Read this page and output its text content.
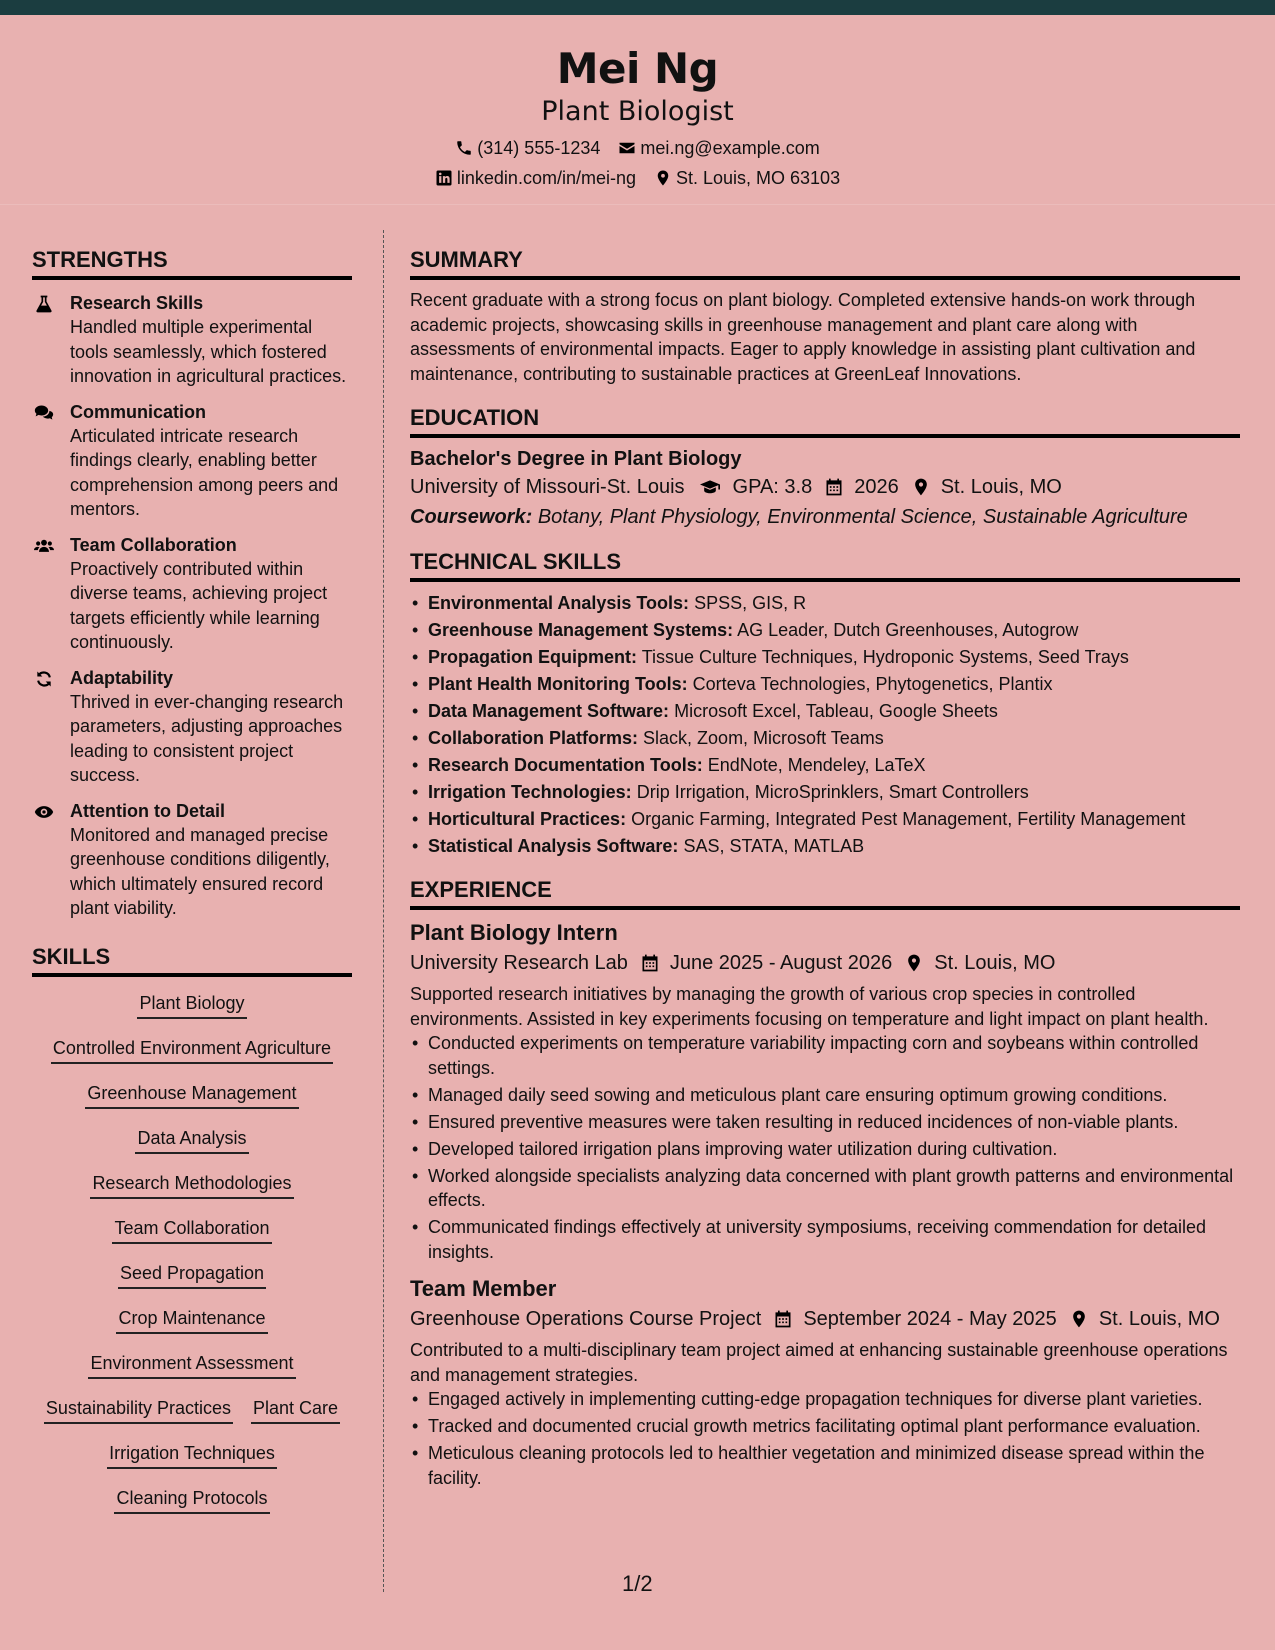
Mei Ng
Plant Biologist
(314) 555-1234 mei.ng@example.com
linkedin.com/in/mei-ng St. Louis, MO 63103
STRENGTHS
Research Skills
Handled multiple experimental tools seamlessly, which fostered innovation in agricultural practices.
Communication
Articulated intricate research findings clearly, enabling better comprehension among peers and mentors.
Team Collaboration
Proactively contributed within diverse teams, achieving project targets efficiently while learning continuously.
Adaptability
Thrived in ever-changing research parameters, adjusting approaches leading to consistent project success.
Attention to Detail
Monitored and managed precise greenhouse conditions diligently, which ultimately ensured record plant viability.
SKILLS
Plant Biology
Controlled Environment Agriculture
Greenhouse Management
Data Analysis
Research Methodologies
Team Collaboration
Seed Propagation
Crop Maintenance
Environment Assessment
Sustainability Practices Plant Care
Irrigation Techniques
Cleaning Protocols
SUMMARY

Recent graduate with a strong focus on plant biology. Completed extensive hands-on work through academic projects, showcasing skills in greenhouse management and plant care along with assessments of environmental impacts. Eager to apply knowledge in assisting plant cultivation and maintenance, contributing to sustainable practices at GreenLeaf Innovations.

EDUCATION
Bachelor's Degree in Plant Biology
University of Missouri-St. Louis GPA: 3.8 2026 St. Louis, MO
Coursework: Botany, Plant Physiology, Environmental Science, Sustainable Agriculture
TECHNICAL SKILLS
• Environmental Analysis Tools: SPSS, GIS, R
• Greenhouse Management Systems: AG Leader, Dutch Greenhouses, Autogrow
• Propagation Equipment: Tissue Culture Techniques, Hydroponic Systems, Seed Trays
• Plant Health Monitoring Tools: Corteva Technologies, Phytogenetics, Plantix
• Data Management Software: Microsoft Excel, Tableau, Google Sheets
• Collaboration Platforms: Slack, Zoom, Microsoft Teams
• Research Documentation Tools: EndNote, Mendeley, LaTeX
• Irrigation Technologies: Drip Irrigation, MicroSprinklers, Smart Controllers
• Horticultural Practices: Organic Farming, Integrated Pest Management, Fertility Management
• Statistical Analysis Software: SAS, STATA, MATLAB
EXPERIENCE
Plant Biology Intern
University Research Lab June 2025 - August 2026 St. Louis, MO

Supported research initiatives by managing the growth of various crop species in controlled environments. Assisted in key experiments focusing on temperature and light impact on plant health.

• Conducted experiments on temperature variability impacting corn and soybeans within controlled settings.
• Managed daily seed sowing and meticulous plant care ensuring optimum growing conditions.
• Ensured preventive measures were taken resulting in reduced incidences of non-viable plants.
• Developed tailored irrigation plans improving water utilization during cultivation.
• Worked alongside specialists analyzing data concerned with plant growth patterns and environmental effects.
• Communicated findings effectively at university symposiums, receiving commendation for detailed insights.
Team Member
Greenhouse Operations Course Project September 2024 - May 2025 St. Louis, MO

Contributed to a multi-disciplinary team project aimed at enhancing sustainable greenhouse operations and management strategies.

• Engaged actively in implementing cutting-edge propagation techniques for diverse plant varieties.
• Tracked and documented crucial growth metrics facilitating optimal plant performance evaluation.
• Meticulous cleaning protocols led to healthier vegetation and minimized disease spread within the facility.
1/2
